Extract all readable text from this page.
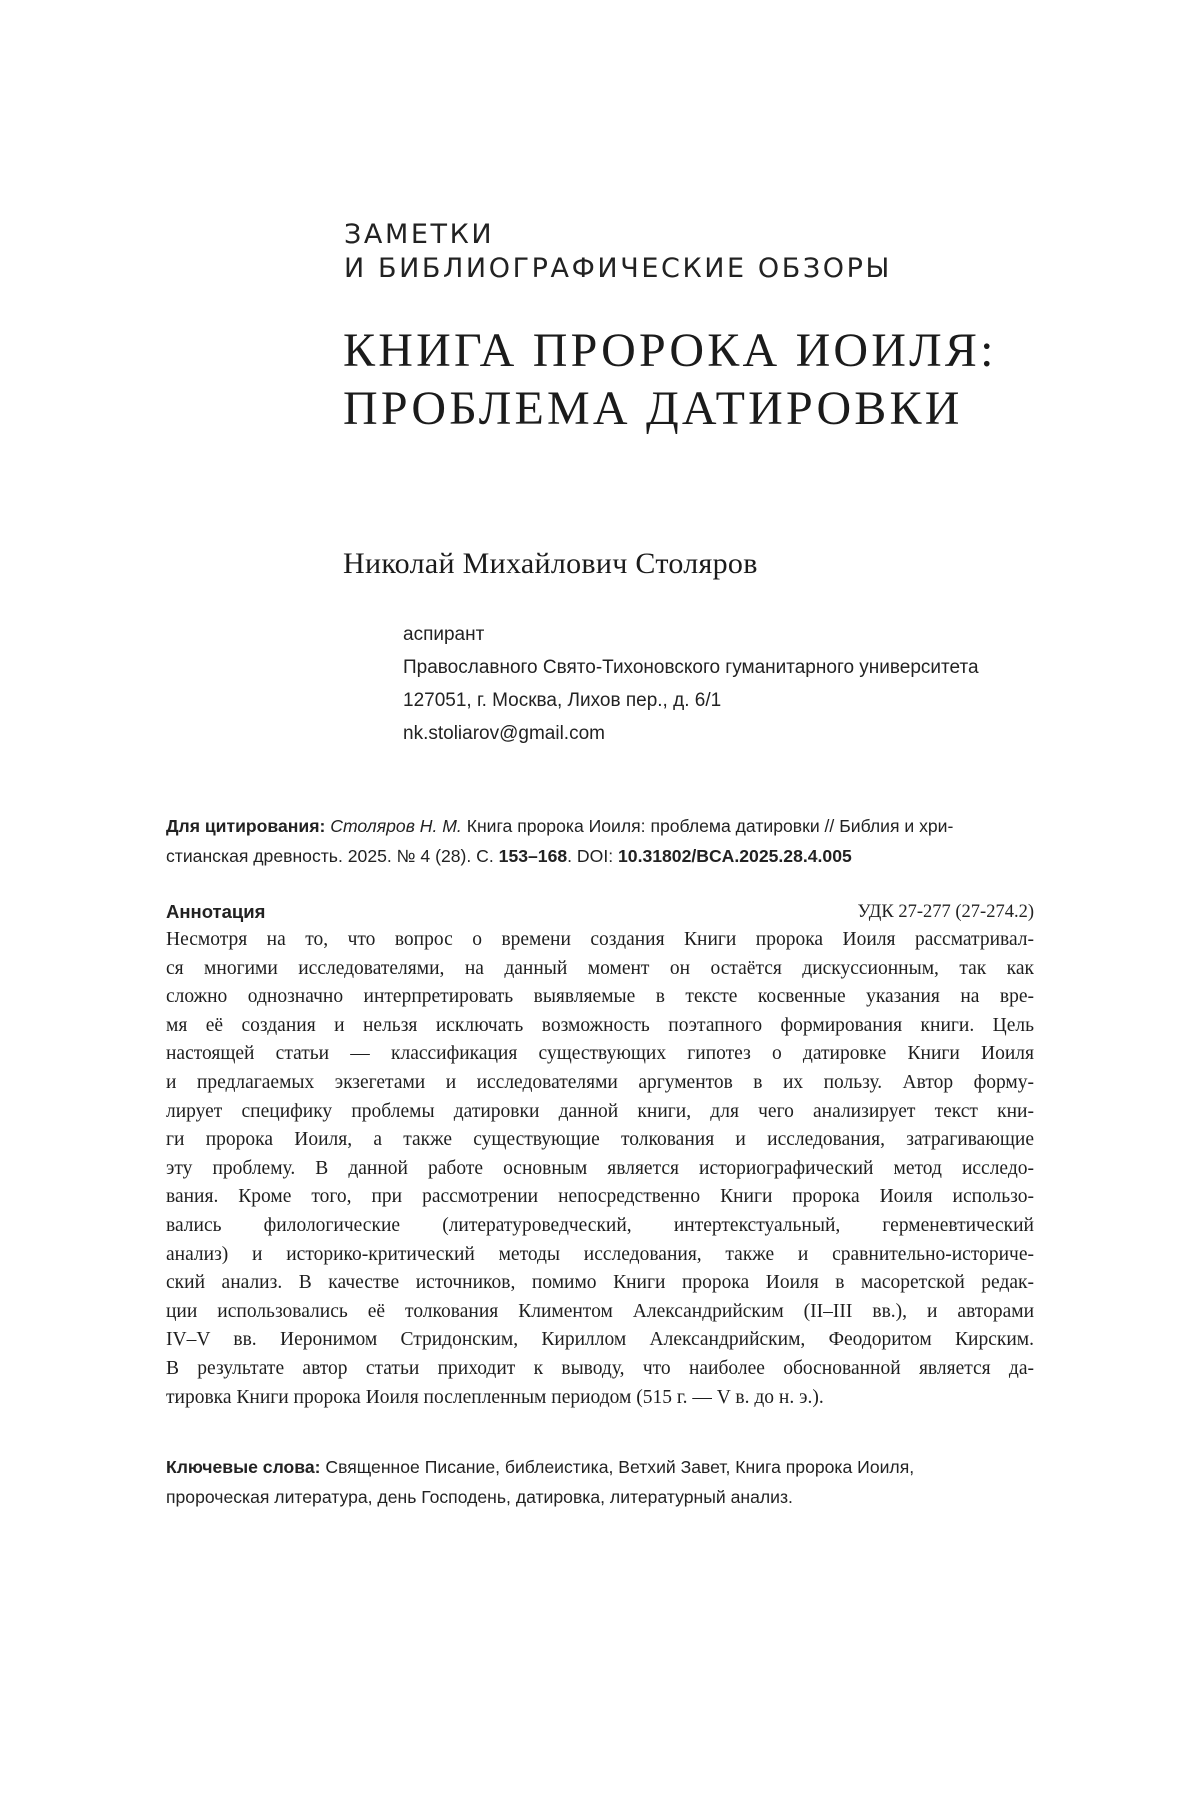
ЗАМЕТКИ
И БИБЛИОГРАФИЧЕСКИЕ ОБЗОРЫ
КНИГА ПРОРОКА ИОИЛЯ:
ПРОБЛЕМА ДАТИРОВКИ
Николай Михайлович Столяров
аспирант
Православного Свято-Тихоновского гуманитарного университета
127051, г. Москва, Лихов пер., д. 6/1
nk.stoliarov@gmail.com
Для цитирования: Столяров Н. М. Книга пророка Иоиля: проблема датировки // Библия и хри-
стианская древность. 2025. № 4 (28). С. 153–168. DOI: 10.31802/BCA.2025.28.4.005
Аннотация	УДК 27-277 (27-274.2)
Несмотря на то, что вопрос о времени создания Книги пророка Иоиля рассматривал-
ся многими исследователями, на данный момент он остаётся дискуссионным, так как
сложно однозначно интерпретировать выявляемые в тексте косвенные указания на вре-
мя её создания и нельзя исключать возможность поэтапного формирования книги. Цель
настоящей статьи — классификация существующих гипотез о датировке Книги Иоиля
и предлагаемых экзегетами и исследователями аргументов в их пользу. Автор форму-
лирует специфику проблемы датировки данной книги, для чего анализирует текст кни-
ги пророка Иоиля, а также существующие толкования и исследования, затрагивающие
эту проблему. В данной работе основным является историографический метод исследо-
вания. Кроме того, при рассмотрении непосредственно Книги пророка Иоиля использо-
вались филологические (литературоведческий, интертекстуальный, герменевтический
анализ) и историко-критический методы исследования, также и сравнительно-историче-
ский анализ. В качестве источников, помимо Книги пророка Иоиля в масоретской редак-
ции использовались её толкования Климентом Александрийским (II–III вв.), и авторами
IV–V вв. Иеронимом Стридонским, Кириллом Александрийским, Феодоритом Кирским.
В результате автор статьи приходит к выводу, что наиболее обоснованной является да-
тировка Книги пророка Иоиля послепленным периодом (515 г. — V в. до н. э.).
Ключевые слова: Священное Писание, библеистика, Ветхий Завет, Книга пророка Иоиля,
пророческая литература, день Господень, датировка, литературный анализ.
